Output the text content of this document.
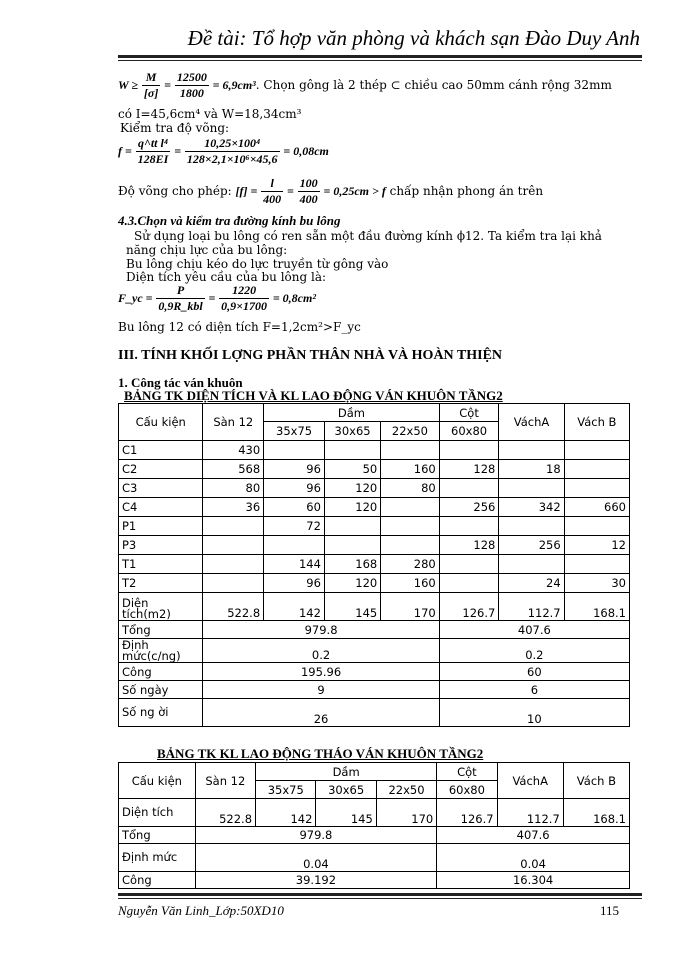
Đề tài: Tổ hợp văn phòng và khách sạn Đào Duy Anh
$W \ge \frac{M}{[\sigma]} = \frac{12500}{1800} = 6,9cm^3$. Chọn gông là 2 thép ⊂ chiều cao 50mm cánh rộng 32mm
có I=45,6cm⁴ và W=18,34cm³
Kiểm tra độ võng:
$f = \frac{\text{q\textasciicircum{}tt l⁴}}{128EI} = \frac{\text{10,25×100⁴}}{\text{128×2,1×10⁶×45,6}} = 0,08cm$
Độ võng cho phép: $[f] = \frac{l}{400} = \frac{100}{400} = 0,25cm > f$ chấp nhận phong án trên
4.3.Chọn và kiểm tra đường kính bu lông
Sử dụng loại bu lông có ren sẵn một đầu đường kính ϕ12. Ta kiểm tra lại khả
năng chịu lực của bu lông:
Bu lông chịu kéo do lực truyền từ gông vào
Diện tích yêu cầu của bu lông là:
F_yc =
P
0,9R_kbl
= $\frac{1220}{0,9\times 1700} = 0,8cm^2$
Bu lông 12 có diện tích F=1,2cm²>F_yc
III. TÍNH KHỐI LỢNG PHẦN THÂN NHÀ VÀ HOÀN THIỆN
1. Công tác ván khuôn
BẢNG TK DIỆN TÍCH VÀ KL LAO ĐỘNG VÁN KHUÔN TẦNG2
Cấu kiện	Sàn 12	Dầm			Cột	VáchA	Vách B
		35x75	30x65	22x50	60x80		
C1	430						
C2	568	96	50	160	128	18	
C3	80	96	120	80			
C4	36	60	120		256	342	660
P1		72					
P3					128	256	12
T1		144	168	280			
T2		96	120	160		24	30
Diện tích(m2)	522.8	142	145	170	126.7	112.7	168.1
Tổng	979.8				407.6		
Định mức(c/ng)	0.2				0.2		
Công	195.96				60		
Số ngày	9				6		
Số ng ời	26				10		
BẢNG TK KL LAO ĐỘNG THÁO VÁN KHUÔN TẦNG2
Cấu kiện	Sàn 12	Dầm			Cột	VáchA	Vách B
		35x75	30x65	22x50	60x80		
Diện tích	522.8	142	145	170	126.7	112.7	168.1
Tổng	979.8				407.6		
Định mức	0.04				0.04		
Công	39.192				16.304		
Nguyễn Văn Linh_Lớp:50XD10	115
